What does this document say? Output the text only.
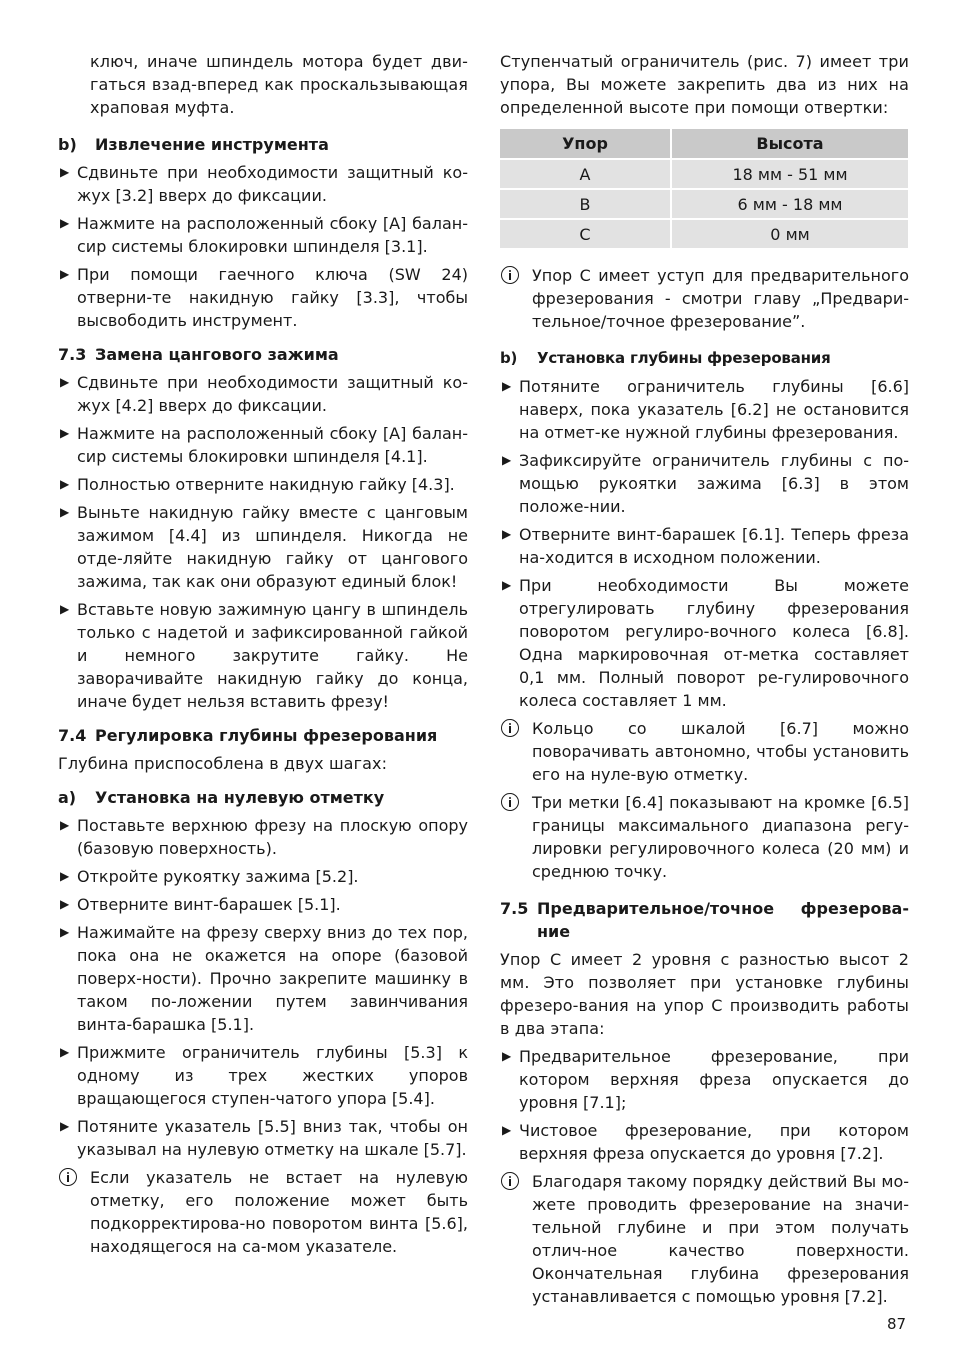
ключ, иначе шпиндель мотора будет дви-гаться взад-вперед как проскальзывающая храповая муфта.

b)	Извлечение инструмента
▶ Сдвиньте при необходимости защитный ко-жух [3.2] вверх до фиксации.
▶ Нажмите на расположенный сбоку [A] балан-сир системы блокировки шпинделя [3.1].
▶ При помощи гаечного ключа (SW 24) отверни-те накидную гайку [3.3], чтобы высвободить инструмент.
7.3 Замена цангового зажима
▶ Сдвиньте при необходимости защитный ко-жух [4.2] вверх до фиксации.
▶ Нажмите на расположенный сбоку [A] балан-сир системы блокировки шпинделя [4.1].
▶ Полностью отверните накидную гайку [4.3].
▶ Выньте накидную гайку вместе с цанговым зажимом [4.4] из шпинделя. Никогда не отде-ляйте накидную гайку от цангового зажима, так как они образуют единый блок!
▶ Вставьте новую зажимную цангу в шпиндель только с надетой и зафиксированной гайкой и немного закрутите гайку. Не заворачивайте накидную гайку до конца, иначе будет нельзя вставить фрезу!
7.4 Регулировка глубины фрезерования

Глубина приспособлена в двух шагах:

a)	Установка на нулевую отметку
▶ Поставьте верхнюю фрезу на плоскую опору (базовую поверхность).
▶ Откройте рукоятку зажима [5.2].
▶ Отверните винт-барашек [5.1].
▶ Нажимайте на фрезу сверху вниз до тех пор, пока она не окажется на опоре (базовой поверх-ности). Прочно закрепите машинку в таком по-ложении путем завинчивания винта-барашка [5.1].
▶ Прижмите ограничитель глубины [5.3] к одному из трех жестких упоров вращающегося ступен-чатого упора [5.4].
▶ Потяните указатель [5.5] вниз так, чтобы он указывал на нулевую отметку на шкале [5.7].
Если указатель не встает на нулевую отметку, его положение может быть подкорректирова-но поворотом винта [5.6], находящегося на са-мом указателе.

Ступенчатый ограничитель (рис. 7) имеет три упора, Вы можете закрепить два из них на определенной высоте при помощи отвертки:

Упор	Высота
A	18 мм - 51 мм
B	6 мм - 18 мм
C	0 мм
Упор C имеет уступ для предварительного фрезерования - смотри главу „Предвари-тельное/точное фрезерованиеˮ.
b)	Установка глубины фрезерования
▶ Потяните ограничитель глубины [6.6] наверх, пока указатель [6.2] не остановится на отмет-ке нужной глубины фрезерования.
▶ Зафиксируйте ограничитель глубины с по-мощью рукоятки зажима [6.3] в этом положе-нии.
▶ Отверните винт-барашек [6.1]. Теперь фреза на-ходится в исходном положении.
▶ При необходимости Вы можете отрегулировать глубину фрезерования поворотом регулиро-вочного колеса [6.8]. Одна маркировочная от-метка составляет 0,1 мм. Полный поворот ре-гулировочного колеса составляет 1 мм.
Кольцо со шкалой [6.7] можно поворачивать автономно, чтобы установить его на нуле-вую отметку.
Три метки [6.4] показывают на кромке [6.5] границы максимального диапазона регу-лировки регулировочного колеса (20 мм) и среднюю точку.
7.5 Предварительное/точное фрезерова-ние

Упор C имеет 2 уровня с разностью высот 2 мм. Это позволяет при установке глубины фрезеро-вания на упор C производить работы в два этапа:

▶ Предварительное фрезерование, при котором верхняя фреза опускается до уровня [7.1];
▶ Чистовое фрезерование, при котором верхняя фреза опускается до уровня [7.2].
Благодаря такому порядку действий Вы мо-жете проводить фрезерование на значи-тельной глубине и при этом получать отлич-ное качество поверхности. Окончательная глубина фрезерования устанавливается с помощью уровня [7.2].
87
